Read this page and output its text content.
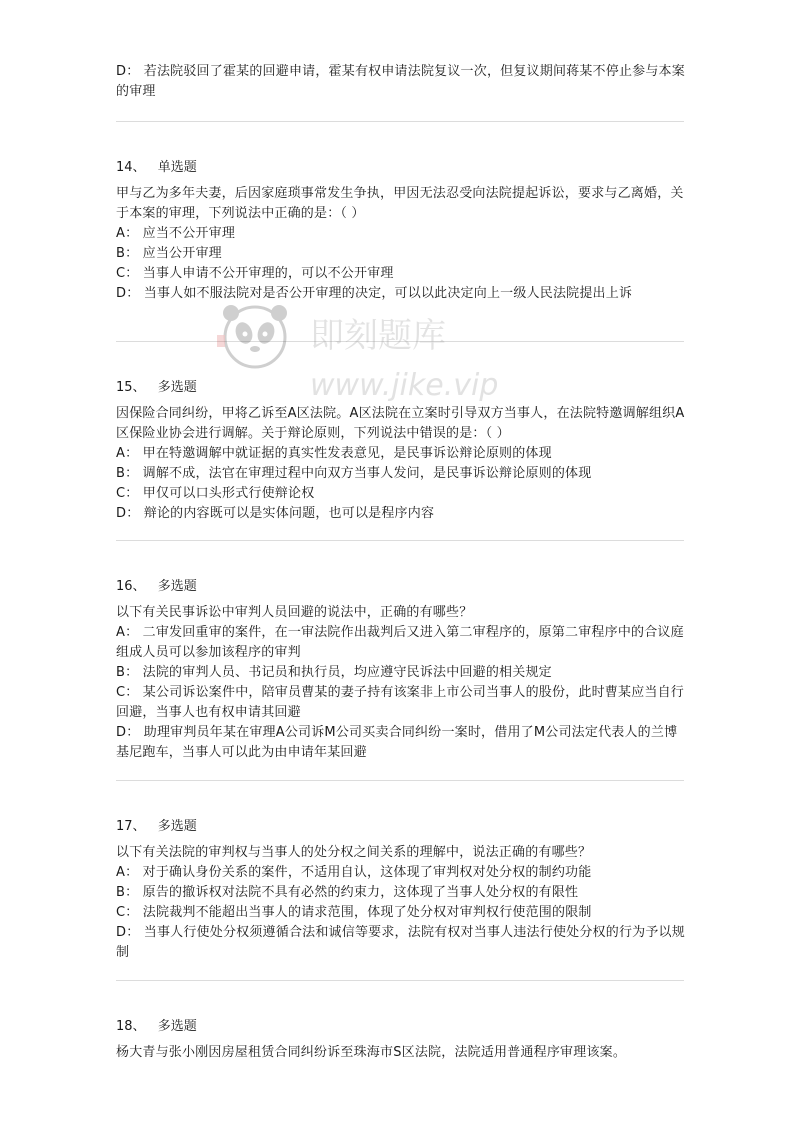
D： 若法院驳回了霍某的回避申请，霍某有权申请法院复议一次，但复议期间蒋某不停止参与本案的审理
14、 单选题
甲与乙为多年夫妻，后因家庭琐事常发生争执，甲因无法忍受向法院提起诉讼，要求与乙离婚，关于本案的审理，下列说法中正确的是：（ ）
A： 应当不公开审理
B： 应当公开审理
C： 当事人申请不公开审理的，可以不公开审理
D： 当事人如不服法院对是否公开审理的决定，可以以此决定向上一级人民法院提出上诉
15、 多选题
因保险合同纠纷，甲将乙诉至A区法院。A区法院在立案时引导双方当事人，在法院特邀调解组织A区保险业协会进行调解。关于辩论原则，下列说法中错误的是：（ ）
A： 甲在特邀调解中就证据的真实性发表意见，是民事诉讼辩论原则的体现
B： 调解不成，法官在审理过程中向双方当事人发问，是民事诉讼辩论原则的体现
C： 甲仅可以口头形式行使辩论权
D： 辩论的内容既可以是实体问题，也可以是程序内容
16、 多选题
以下有关民事诉讼中审判人员回避的说法中，正确的有哪些？
A： 二审发回重审的案件，在一审法院作出裁判后又进入第二审程序的，原第二审程序中的合议庭组成人员可以参加该程序的审判
B： 法院的审判人员、书记员和执行员，均应遵守民诉法中回避的相关规定
C： 某公司诉讼案件中，陪审员曹某的妻子持有该案非上市公司当事人的股份，此时曹某应当自行回避，当事人也有权申请其回避
D： 助理审判员年某在审理A公司诉M公司买卖合同纠纷一案时，借用了M公司法定代表人的兰博基尼跑车，当事人可以此为由申请年某回避
17、 多选题
以下有关法院的审判权与当事人的处分权之间关系的理解中，说法正确的有哪些？
A： 对于确认身份关系的案件，不适用自认，这体现了审判权对处分权的制约功能
B： 原告的撤诉权对法院不具有必然的约束力，这体现了当事人处分权的有限性
C： 法院裁判不能超出当事人的请求范围，体现了处分权对审判权行使范围的限制
D： 当事人行使处分权须遵循合法和诚信等要求，法院有权对当事人违法行使处分权的行为予以规制
18、 多选题
杨大青与张小刚因房屋租赁合同纠纷诉至珠海市S区法院，法院适用普通程序审理该案。
即刻题库
www.jike.vip
